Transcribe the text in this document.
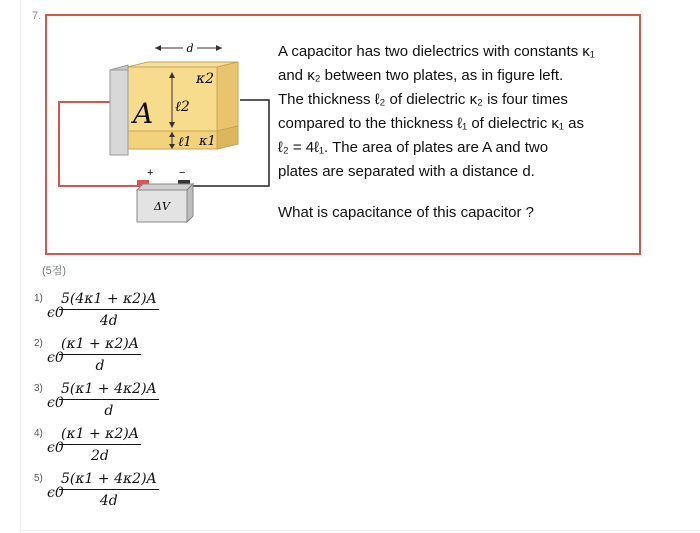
7.
d
A ℓ2
ℓ1
κ2
κ1
+ −
ΔV

A capacitor has two dielectrics with constants κ₁

and κ₂ between two plates, as in figure left.

The thickness ℓ₂ of dielectric κ₂ is four times

compared to the thickness ℓ₁ of dielectric κ₁ as

ℓ₂ = 4ℓ₁. The area of plates are A and two

plates are separated with a distance d.

What is capacitance of this capacitor ?

(5점)
1)
ϵ0
5(4κ1 + κ2)A
4d
2)
ϵ0
(κ1 + κ2)A
d
3)
ϵ0
5(κ1 + 4κ2)A
d
4)
ϵ0
(κ1 + κ2)A
2d
5)
ϵ0
5(κ1 + 4κ2)A
4d
